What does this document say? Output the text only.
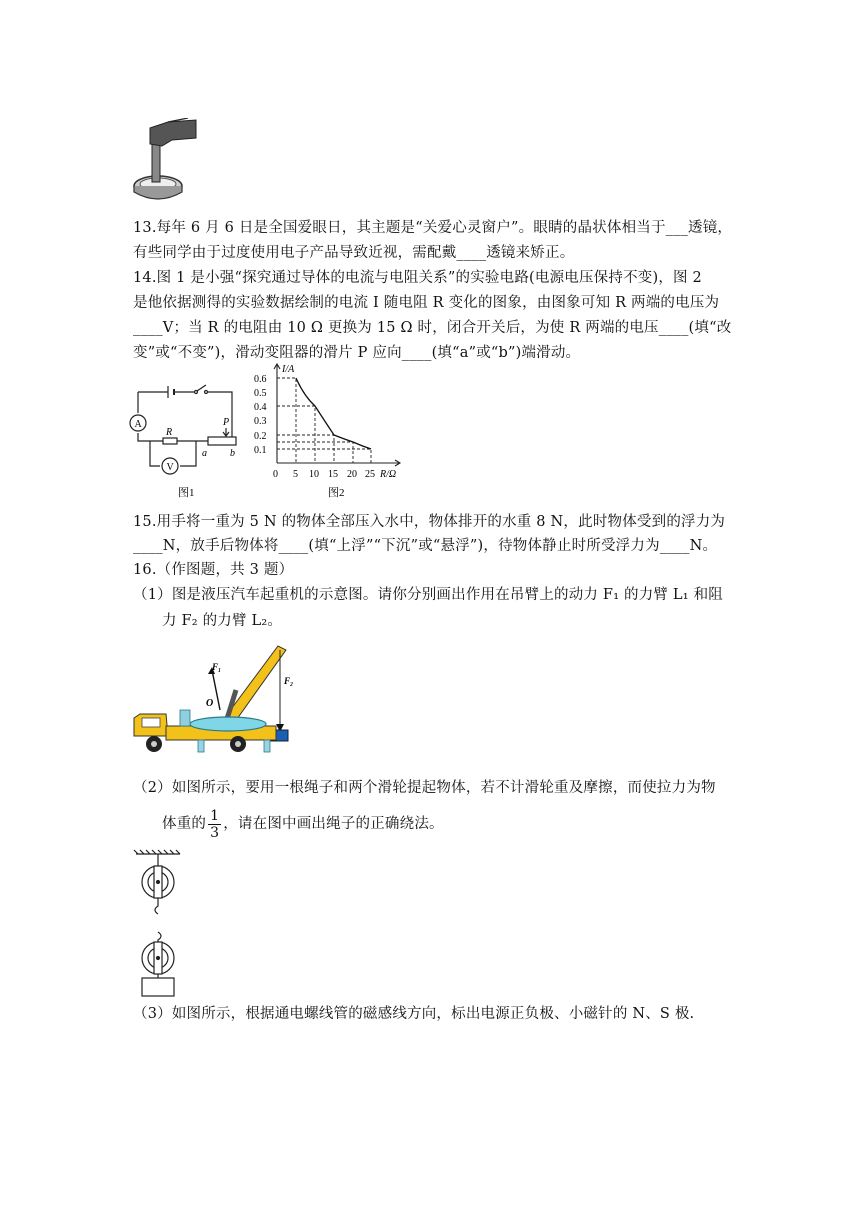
13.每年 6 月 6 日是全国爱眼日，其主题是“关爱心灵窗户”。眼睛的晶状体相当于___透镜，
有些同学由于过度使用电子产品导致近视，需配戴____透镜来矫正。
14.图 1 是小强“探究通过导体的电流与电阻关系”的实验电路(电源电压保持不变)，图 2
是他依据测得的实验数据绘制的电流 I 随电阻 R 变化的图象，由图象可知 R 两端的电压为
____V；当 R 的电阻由 10 Ω 更换为 15 Ω 时，闭合开关后，为使 R 两端的电压____(填“改
变”或“不变”)，滑动变阻器的滑片 P 应向____(填“a”或“b”)端滑动。
A
V
R
P
a b
图1
I/A
0.6
0.5
0.4
0.3
0.2
0.1
0 5 10 15 20 25 R/Ω
图2
15.用手将一重为 5 N 的物体全部压入水中，物体排开的水重 8 N，此时物体受到的浮力为
____N，放手后物体将____(填“上浮”“下沉”或“悬浮”)，待物体静止时所受浮力为____N。
16.（作图题，共 3 题）
（1）图是液压汽车起重机的示意图。请你分别画出作用在吊臂上的动力 F₁ 的力臂 L₁ 和阻
力 F₂ 的力臂 L₂。
F₁
F₂
O
（2）如图所示，要用一根绳子和两个滑轮提起物体，若不计滑轮重及摩擦，而使拉力为物
体重的 $\frac{1}{3}$ ，请在图中画出绳子的正确绕法。
（3）如图所示，根据通电螺线管的磁感线方向，标出电源正负极、小磁针的 N、S 极.
